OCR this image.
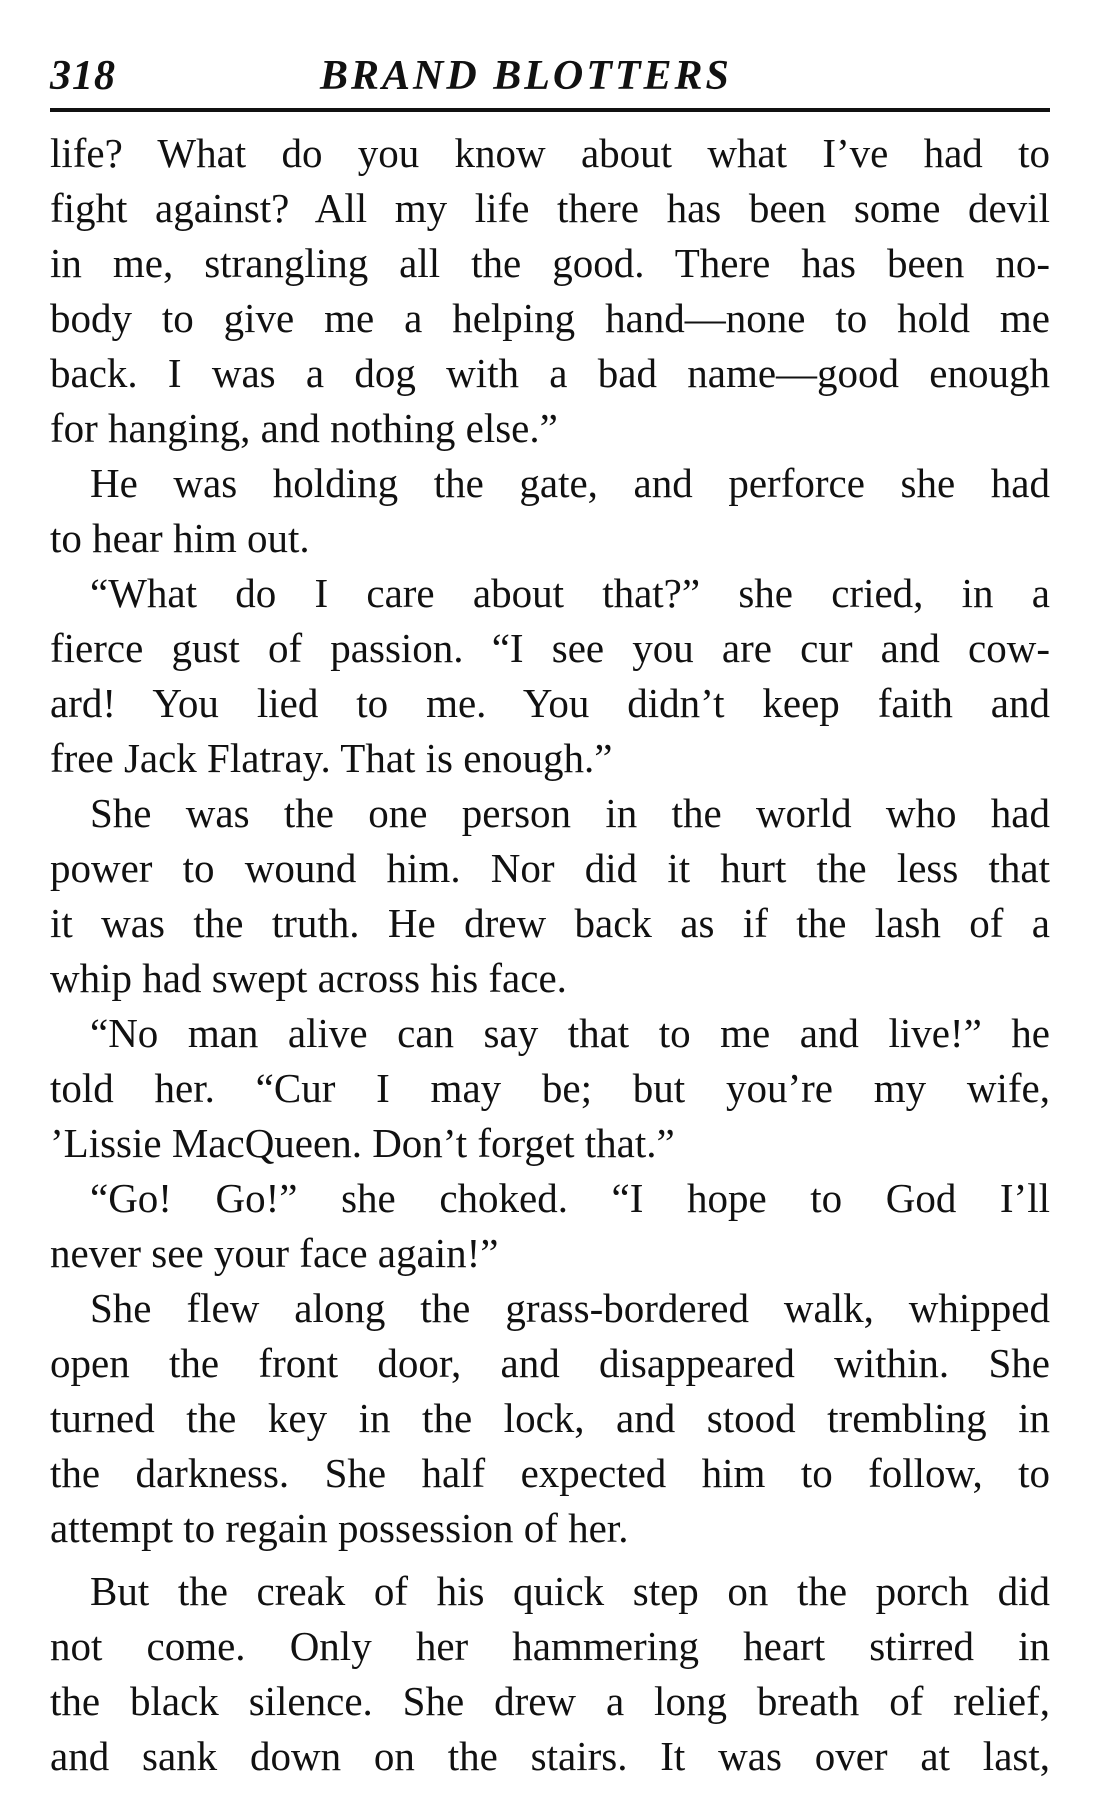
318	BRAND BLOTTERS
life? What do you know about what I’ve had to
fight against? All my life there has been some devil
in me, strangling all the good. There has been no-
body to give me a helping hand—none to hold me
back. I was a dog with a bad name—good enough
for hanging, and nothing else.”
He was holding the gate, and perforce she had
to hear him out.
“What do I care about that?” she cried, in a
fierce gust of passion. “I see you are cur and cow-
ard! You lied to me. You didn’t keep faith and
free Jack Flatray. That is enough.”
She was the one person in the world who had
power to wound him. Nor did it hurt the less that
it was the truth. He drew back as if the lash of a
whip had swept across his face.
“No man alive can say that to me and live!” he
told her. “Cur I may be; but you’re my wife,
’Lissie MacQueen. Don’t forget that.”
“Go! Go!” she choked. “I hope to God I’ll
never see your face again!”
She flew along the grass-bordered walk, whipped
open the front door, and disappeared within. She
turned the key in the lock, and stood trembling in
the darkness. She half expected him to follow, to
attempt to regain possession of her.
But the creak of his quick step on the porch did
not come. Only her hammering heart stirred in
the black silence. She drew a long breath of relief,
and sank down on the stairs. It was over at last,
